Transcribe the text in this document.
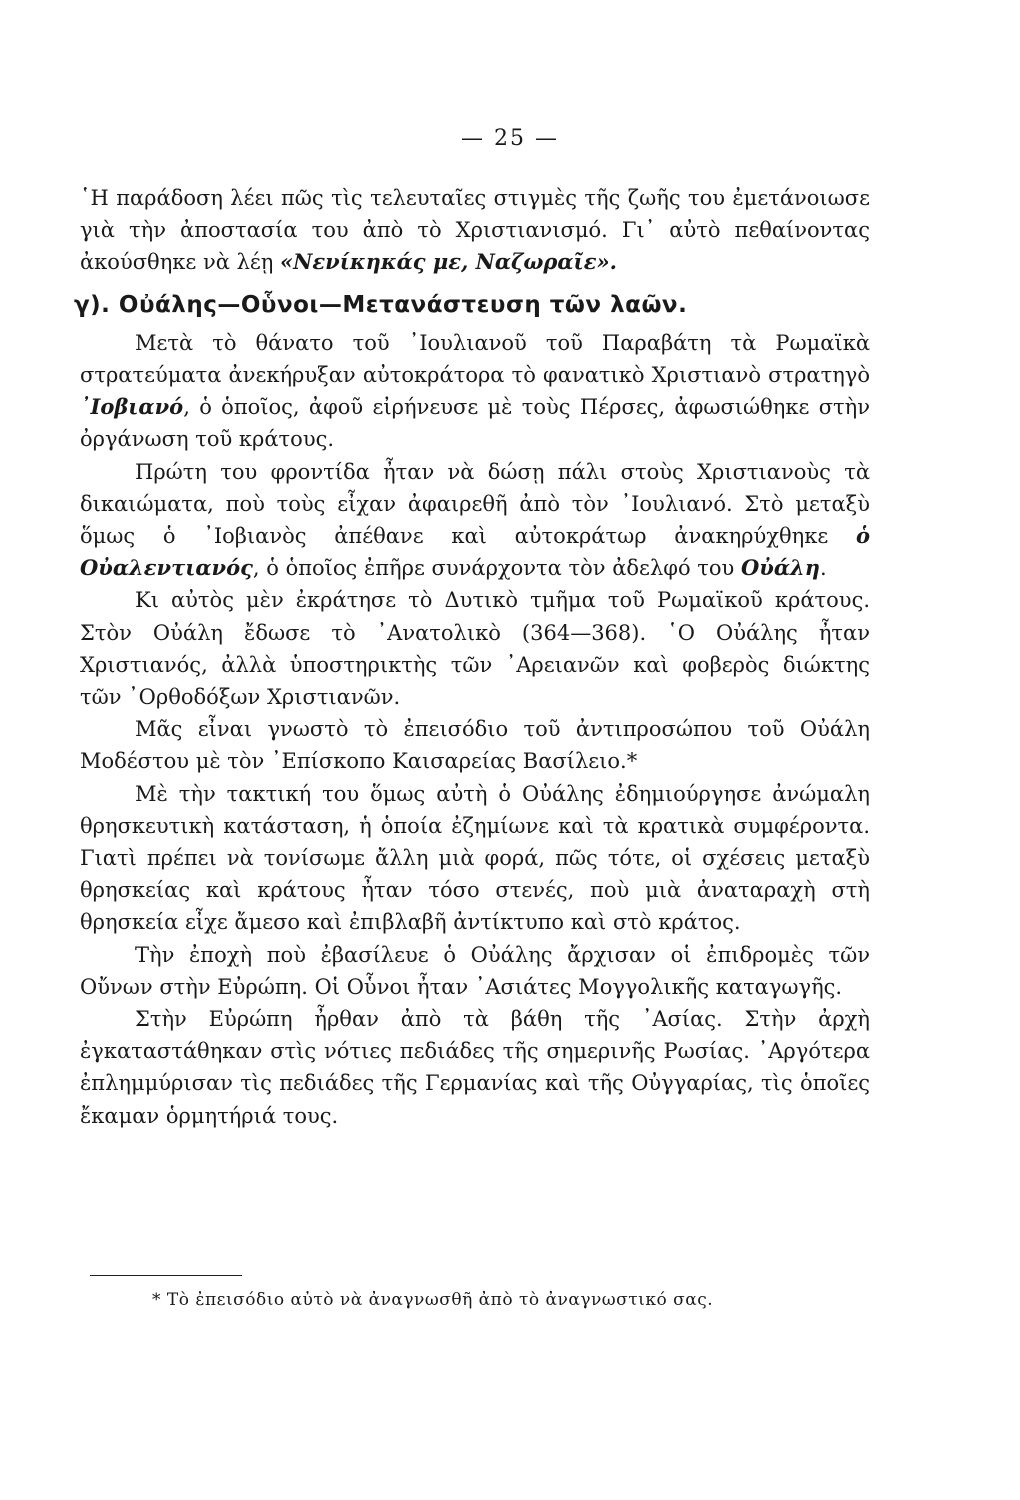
— 25 —

῾Η παράδοση λέει πῶς τὶς τελευταῖες στιγμὲς τῆς ζωῆς του ἐμετάνοιωσε γιὰ τὴν ἀποστασία του ἀπὸ τὸ Χριστιανισμό. Γι᾿ αὐτὸ πεθαίνοντας ἀκούσθηκε νὰ λέῃ «Νενίκηκάς με, Ναζωραῖε».

γ). Οὐάλης—Οὗνοι—Μετανάστευση τῶν λαῶν.

Μετὰ τὸ θάνατο τοῦ ᾿Ιουλιανοῦ τοῦ Παραβάτη τὰ Ρωμαϊκὰ στρατεύματα ἀνεκήρυξαν αὐτοκράτορα τὸ φανατικὸ Χριστιανὸ στρατηγὸ ᾿Ιοβιανό, ὁ ὁποῖος, ἀφοῦ εἰρήνευσε μὲ τοὺς Πέρσες, ἀφωσιώθηκε στὴν ὀργάνωση τοῦ κράτους.

Πρώτη του φροντίδα ἦταν νὰ δώσῃ πάλι στοὺς Χριστιανοὺς τὰ δικαιώματα, ποὺ τοὺς εἶχαν ἀφαιρεθῆ ἀπὸ τὸν ᾿Ιουλιανό. Στὸ μεταξὺ ὅμως ὁ ᾿Ιοβιανὸς ἀπέθανε καὶ αὐτοκράτωρ ἀνακηρύχθηκε ὁ Οὐαλεντιανός, ὁ ὁποῖος ἐπῆρε συνάρχοντα τὸν ἀδελφό του Οὐάλη.

Κι αὐτὸς μὲν ἐκράτησε τὸ Δυτικὸ τμῆμα τοῦ Ρωμαϊκοῦ κράτους. Στὸν Οὐάλη ἔδωσε τὸ ᾿Ανατολικὸ (364—368). ῾Ο Οὐάλης ἦταν Χριστιανός, ἀλλὰ ὑποστηρικτὴς τῶν ᾿Αρειανῶν καὶ φοβερὸς διώκτης τῶν ᾿Ορθοδόξων Χριστιανῶν.

Μᾶς εἶναι γνωστὸ τὸ ἐπεισόδιο τοῦ ἀντιπροσώπου τοῦ Οὐάλη Μοδέστου μὲ τὸν ᾿Επίσκοπο Καισαρείας Βασίλειο.*

Μὲ τὴν τακτική του ὅμως αὐτὴ ὁ Οὐάλης ἐδημιούργησε ἀνώμαλη θρησκευτικὴ κατάσταση, ἡ ὁποία ἐζημίωνε καὶ τὰ κρατικὰ συμφέροντα. Γιατὶ πρέπει νὰ τονίσωμε ἄλλη μιὰ φορά, πῶς τότε, οἱ σχέσεις μεταξὺ θρησκείας καὶ κράτους ἦταν τόσο στενές, ποὺ μιὰ ἀναταραχὴ στὴ θρησκεία εἶχε ἄμεσο καὶ ἐπιβλαβῆ ἀντίκτυπο καὶ στὸ κράτος.

Τὴν ἐποχὴ ποὺ ἐβασίλευε ὁ Οὐάλης ἄρχισαν οἱ ἐπιδρομὲς τῶν Οὔνων στὴν Εὐρώπη. Οἱ Οὗνοι ἦταν ᾿Ασιάτες Μογγολικῆς καταγωγῆς.

Στὴν Εὐρώπη ἦρθαν ἀπὸ τὰ βάθη τῆς ᾿Ασίας. Στὴν ἀρχὴ ἐγκαταστάθηκαν στὶς νότιες πεδιάδες τῆς σημερινῆς Ρωσίας. ᾿Αργότερα ἐπλημμύρισαν τὶς πεδιάδες τῆς Γερμανίας καὶ τῆς Οὐγγαρίας, τὶς ὁποῖες ἔκαμαν ὁρμητήριά τους.

* Τὸ ἐπεισόδιο αὐτὸ νὰ ἀναγνωσθῆ ἀπὸ τὸ ἀναγνωστικό σας.
